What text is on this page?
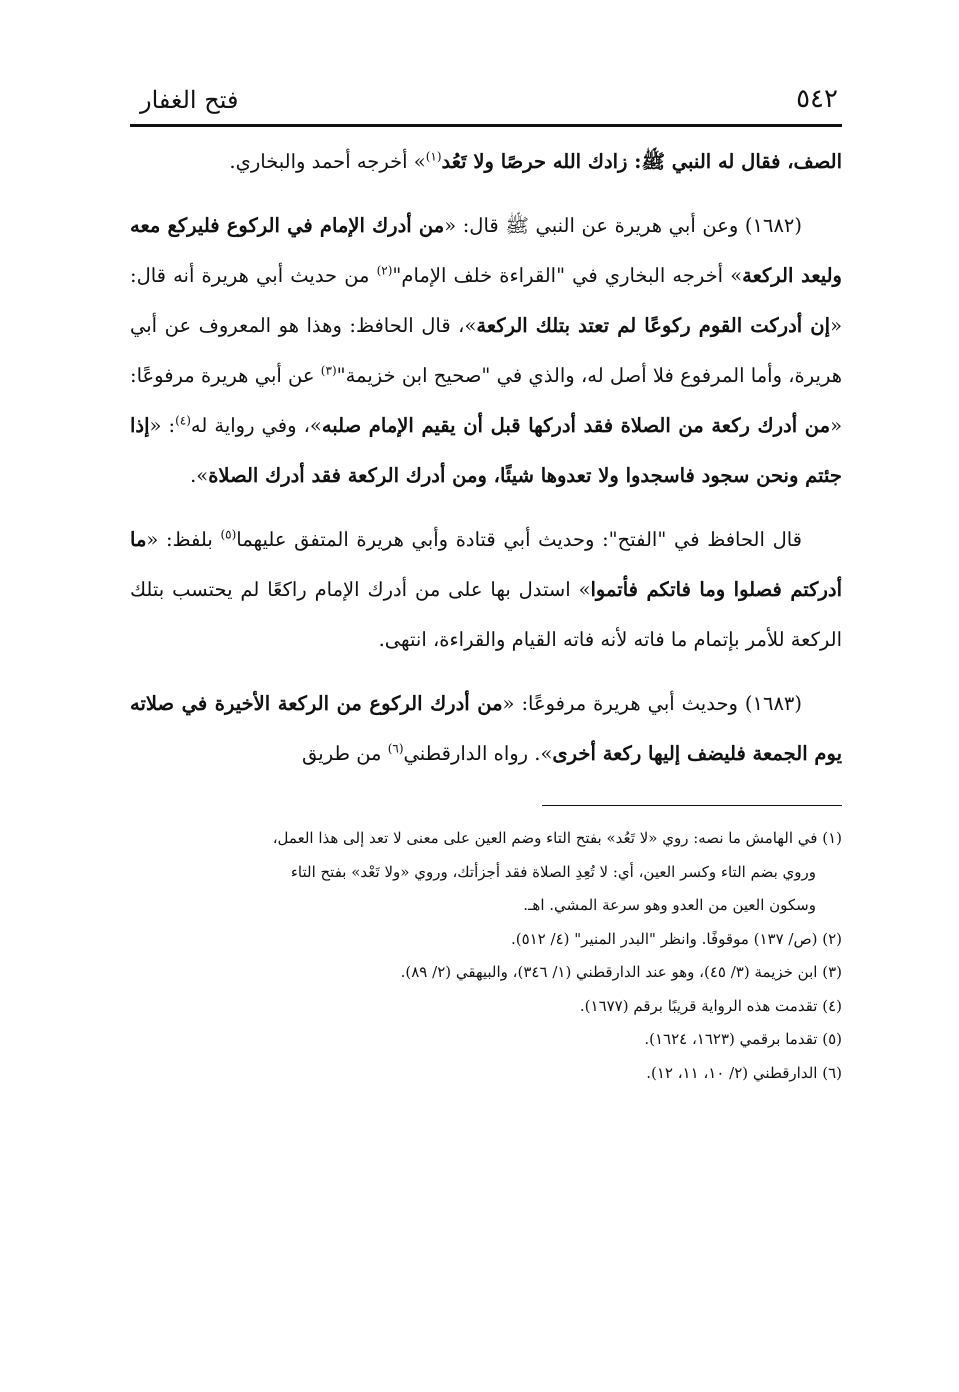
٥٤٢
فتح الغفار

الصف، فقال له النبي ﷺ: زادك الله حرصًا ولا تَعُد$^{(١)}$» أخرجه أحمد والبخاري.

(١٦٨٢) وعن أبي هريرة عن النبي ﷺ قال: «من أدرك الإمام في الركوع فليركع معه وليعد الركعة» أخرجه البخاري في "القراءة خلف الإمام"$^{(٢)}$ من حديث أبي هريرة أنه قال: «إن أدركت القوم ركوعًا لم تعتد بتلك الركعة»، قال الحافظ: وهذا هو المعروف عن أبي هريرة، وأما المرفوع فلا أصل له، والذي في "صحيح ابن خزيمة"$^{(٣)}$ عن أبي هريرة مرفوعًا: «من أدرك ركعة من الصلاة فقد أدركها قبل أن يقيم الإمام صلبه»، وفي رواية له$^{(٤)}$: «إذا جئتم ونحن سجود فاسجدوا ولا تعدوها شيئًا، ومن أدرك الركعة فقد أدرك الصلاة».

قال الحافظ في "الفتح": وحديث أبي قتادة وأبي هريرة المتفق عليهما$^{(٥)}$ بلفظ: «ما أدركتم فصلوا وما فاتكم فأتموا» استدل بها على من أدرك الإمام راكعًا لم يحتسب بتلك الركعة للأمر بإتمام ما فاته لأنه فاته القيام والقراءة، انتهى.

(١٦٨٣) وحديث أبي هريرة مرفوعًا: «من أدرك الركوع من الركعة الأخيرة في صلاته يوم الجمعة فليضف إليها ركعة أخرى». رواه الدارقطني$^{(٦)}$ من طريق

(١) في الهامش ما نصه: روي «لا تَعُد» بفتح التاء وضم العين على معنى لا تعد إلى هذا العمل،

وروي بضم التاء وكسر العين، أي: لا تُعِدِ الصلاة فقد أجزأتك، وروي «ولا تَعْد» بفتح التاء

وسكون العين من العدو وهو سرعة المشي. اهـ.

(٢) (ص/ ١٣٧) موقوفًا. وانظر "البدر المنير" (٤/ ٥١٢).

(٣) ابن خزيمة (٣/ ٤٥)، وهو عند الدارقطني (١/ ٣٤٦)، والبيهقي (٢/ ٨٩).

(٤) تقدمت هذه الرواية قريبًا برقم (١٦٧٧).

(٥) تقدما برقمي (١٦٢٣، ١٦٢٤).

(٦) الدارقطني (٢/ ١٠، ١١، ١٢).
